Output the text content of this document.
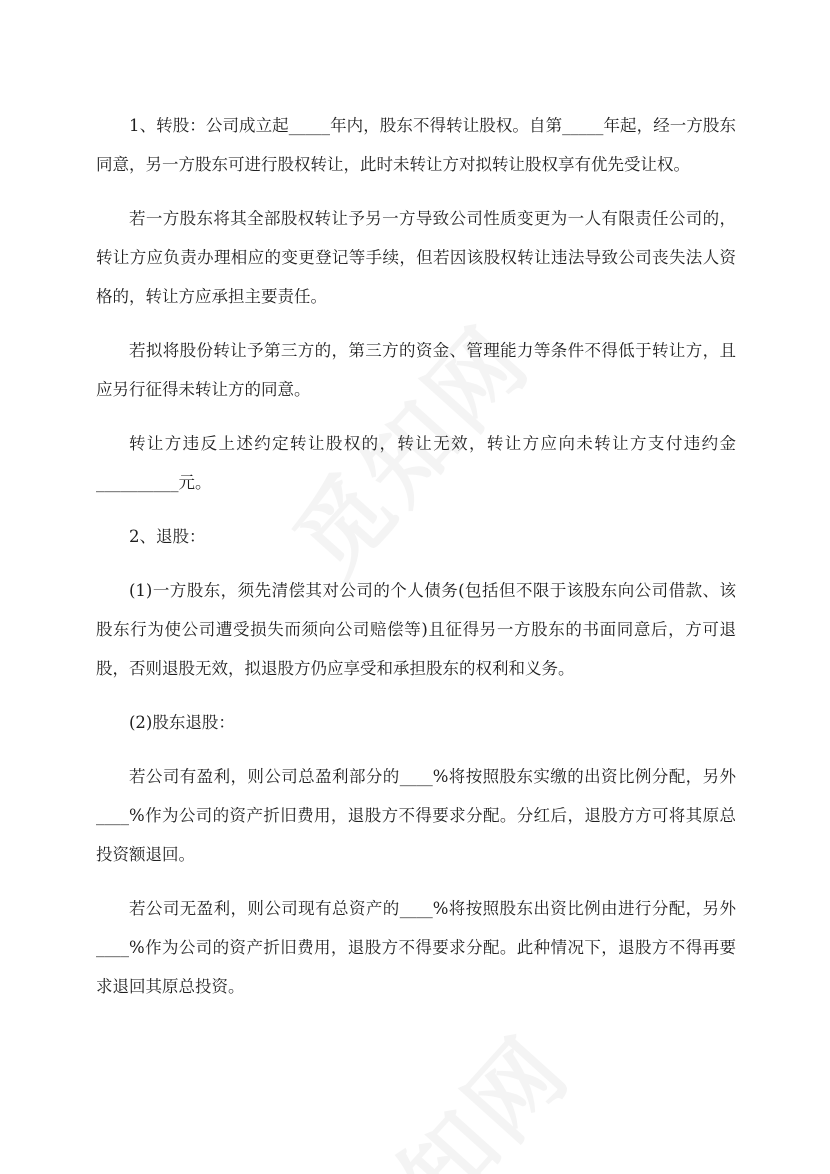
1、转股：公司成立起_____年内，股东不得转让股权。自第_____年起，经一方股东同意，另一方股东可进行股权转让，此时未转让方对拟转让股权享有优先受让权。

若一方股东将其全部股权转让予另一方导致公司性质变更为一人有限责任公司的，转让方应负责办理相应的变更登记等手续，但若因该股权转让违法导致公司丧失法人资格的，转让方应承担主要责任。

若拟将股份转让予第三方的，第三方的资金、管理能力等条件不得低于转让方，且应另行征得未转让方的同意。

转让方违反上述约定转让股权的，转让无效，转让方应向未转让方支付违约金__________元。

2、退股：

(1)一方股东，须先清偿其对公司的个人债务(包括但不限于该股东向公司借款、该股东行为使公司遭受损失而须向公司赔偿等)且征得另一方股东的书面同意后，方可退股，否则退股无效，拟退股方仍应享受和承担股东的权利和义务。

(2)股东退股：

若公司有盈利，则公司总盈利部分的____%将按照股东实缴的出资比例分配，另外____%作为公司的资产折旧费用，退股方不得要求分配。分红后，退股方方可将其原总投资额退回。

若公司无盈利，则公司现有总资产的____%将按照股东出资比例由进行分配，另外____%作为公司的资产折旧费用，退股方不得要求分配。此种情况下，退股方不得再要求退回其原总投资。
